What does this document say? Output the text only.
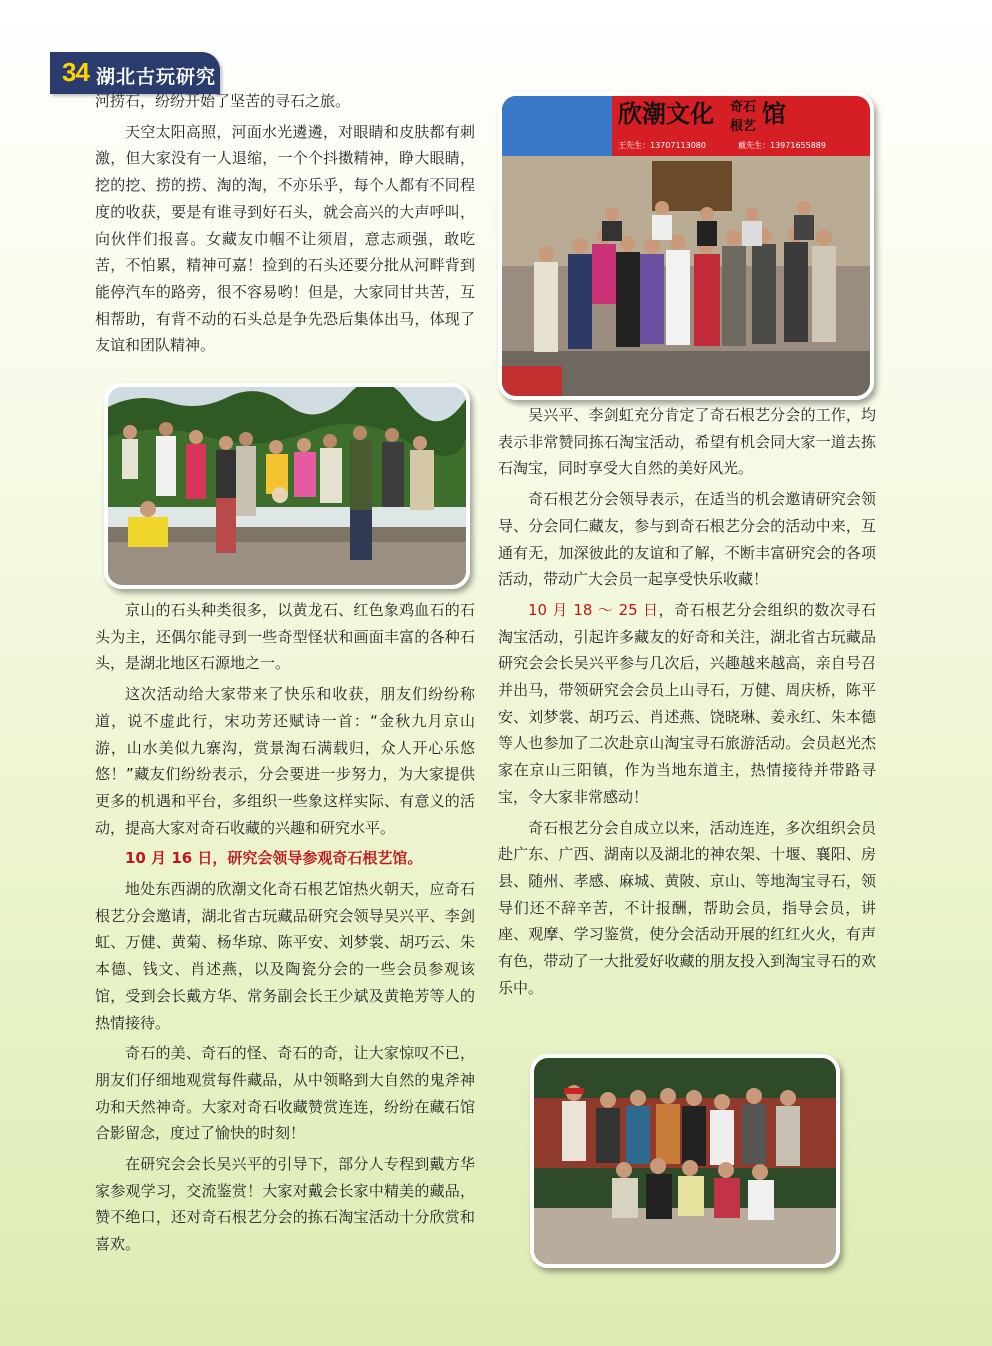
34 湖北古玩研究

河捞石，纷纷开始了坚苦的寻石之旅。

天空太阳高照，河面水光遴遴，对眼睛和皮肤都有刺激，但大家没有一人退缩，一个个抖擞精神，睁大眼睛，挖的挖、捞的捞、淘的淘，不亦乐乎，每个人都有不同程度的收获，要是有谁寻到好石头，就会高兴的大声呼叫，向伙伴们报喜。女藏友巾帼不让须眉，意志顽强，敢吃苦，不怕累，精神可嘉！捡到的石头还要分批从河畔背到能停汽车的路旁，很不容易哟！但是，大家同甘共苦，互相帮助，有背不动的石头总是争先恐后集体出马，体现了友谊和团队精神。

京山的石头种类很多，以黄龙石、红色象鸡血石的石头为主，还偶尔能寻到一些奇型怪状和画面丰富的各种石头，是湖北地区石源地之一。

这次活动给大家带来了快乐和收获，朋友们纷纷称道，说不虚此行，宋功芳还赋诗一首：“金秋九月京山游，山水美似九寨沟，赏景淘石满载归，众人开心乐悠悠！”藏友们纷纷表示，分会要进一步努力，为大家提供更多的机遇和平台，多组织一些象这样实际、有意义的活动，提高大家对奇石收藏的兴趣和研究水平。

10 月 16 日，研究会领导参观奇石根艺馆。

地处东西湖的欣潮文化奇石根艺馆热火朝天，应奇石根艺分会邀请，湖北省古玩藏品研究会领导吴兴平、李剑虹、万健、黄菊、杨华琼、陈平安、刘梦裳、胡巧云、朱本德、钱文、肖述燕，以及陶瓷分会的一些会员参观该馆，受到会长戴方华、常务副会长王少斌及黄艳芳等人的热情接待。

奇石的美、奇石的怪、奇石的奇，让大家惊叹不已，朋友们仔细地观赏每件藏品，从中领略到大自然的鬼斧神功和天然神奇。大家对奇石收藏赞赏连连，纷纷在藏石馆合影留念，度过了愉快的时刻！

在研究会会长吴兴平的引导下，部分人专程到戴方华家参观学习，交流鉴赏！大家对戴会长家中精美的藏品，赞不绝口，还对奇石根艺分会的拣石淘宝活动十分欣赏和喜欢。

欣潮文化 奇石
根艺 馆
王先生：13707113080	戴先生：13971655889

吴兴平、李剑虹充分肯定了奇石根艺分会的工作，均表示非常赞同拣石淘宝活动，希望有机会同大家一道去拣石淘宝，同时享受大自然的美好风光。

奇石根艺分会领导表示，在适当的机会邀请研究会领导、分会同仁藏友，参与到奇石根艺分会的活动中来，互通有无，加深彼此的友谊和了解，不断丰富研究会的各项活动，带动广大会员一起享受快乐收藏！

10 月 18 ～ 25 日，奇石根艺分会组织的数次寻石淘宝活动，引起许多藏友的好奇和关注，湖北省古玩藏品研究会会长吴兴平参与几次后，兴趣越来越高，亲自号召并出马，带领研究会会员上山寻石，万健、周庆桥，陈平安、刘梦裳、胡巧云、肖述燕、饶晓琳、姜永红、朱本德等人也参加了二次赴京山淘宝寻石旅游活动。会员赵光杰家在京山三阳镇，作为当地东道主，热情接待并带路寻宝，令大家非常感动！

奇石根艺分会自成立以来，活动连连，多次组织会员赴广东、广西、湖南以及湖北的神农架、十堰、襄阳、房县、随州、孝感、麻城、黄陂、京山、等地淘宝寻石，领导们还不辞辛苦，不计报酬，帮助会员，指导会员，讲座、观摩、学习鉴赏，使分会活动开展的红红火火，有声有色，带动了一大批爱好收藏的朋友投入到淘宝寻石的欢乐中。
